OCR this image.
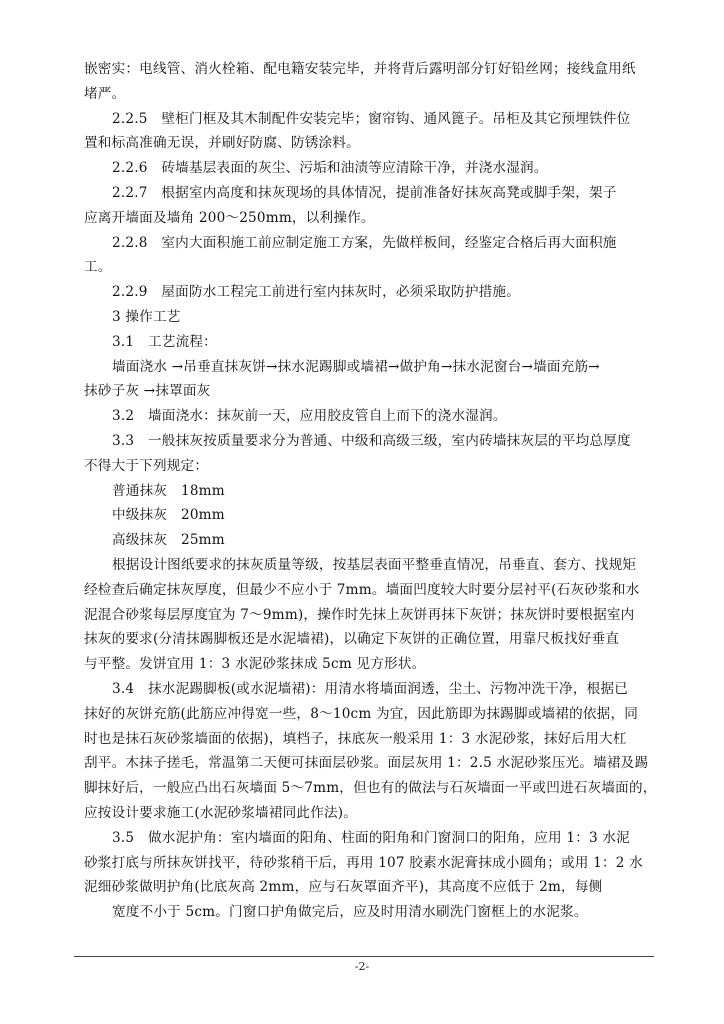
嵌密实：电线管、消火栓箱、配电籍安装完毕，并将背后露明部分钉好铅丝网；接线盒用纸
堵严。
2.2.5　壁柜门框及其木制配件安装完毕；窗帘钩、通风篦子。吊柜及其它预埋铁件位
置和标高准确无误，并刷好防腐、防锈涂料。
2.2.6　砖墙基层表面的灰尘、污垢和油渍等应清除干净，并浇水湿润。
2.2.7　根据室内高度和抹灰现场的具体情况，提前准备好抹灰高凳或脚手架，架子
应离开墙面及墙角 200～250mm，以利操作。
2.2.8　室内大面积施工前应制定施工方案，先做样板间，经鉴定合格后再大面积施
工。
2.2.9　屋面防水工程完工前进行室内抹灰时，必须采取防护措施。
3 操作工艺
3.1　工艺流程：
墙面浇水 →吊垂直抹灰饼→抹水泥踢脚或墙裙→做护角→抹水泥窗台→墙面充筋→
抹砂子灰 →抹罩面灰
3.2　墙面浇水：抹灰前一天，应用胶皮管自上而下的浇水湿润。
3.3　一般抹灰按质量要求分为普通、中级和高级三级，室内砖墙抹灰层的平均总厚度
不得大于下列规定：
普通抹灰　18mm
中级抹灰　20mm
高级抹灰　25mm
根据设计图纸要求的抹灰质量等级，按基层表面平整垂直情况，吊垂直、套方、找规矩
经检查后确定抹灰厚度，但最少不应小于 7mm。墙面凹度较大时要分层衬平(石灰砂浆和水
泥混合砂浆每层厚度宜为 7～9mm)，操作时先抹上灰饼再抹下灰饼；抹灰饼时要根据室内
抹灰的要求(分清抹踢脚板还是水泥墙裙)，以确定下灰饼的正确位置，用靠尺板找好垂直
与平整。发饼宜用 1：3 水泥砂浆抹成 5cm 见方形状。
3.4　抹水泥踢脚板(或水泥墙裙)：用清水将墙面润透，尘土、污物冲洗干净，根据已
抹好的灰饼充筋(此筋应冲得宽一些，8～10cm 为宜，因此筋即为抹踢脚或墙裙的依据，同
时也是抹石灰砂浆墙面的依据)，填档子，抹底灰一般采用 1：3 水泥砂浆，抹好后用大杠
刮平。木抹子搓毛，常温第二天便可抹面层砂浆。面层灰用 1：2.5 水泥砂浆压光。墙裙及踢
脚抹好后，一般应凸出石灰墙面 5～7mm，但也有的做法与石灰墙面一平或凹进石灰墙面的，
应按设计要求施工(水泥砂浆墙裙同此作法)。
3.5　做水泥护角：室内墙面的阳角、柱面的阳角和门窗洞口的阳角，应用 1：3 水泥
砂浆打底与所抹灰饼找平，待砂浆稍干后，再用 107 胶素水泥膏抹成小圆角；或用 1：2 水
泥细砂浆做明护角(比底灰高 2mm，应与石灰罩面齐平)，其高度不应低于 2m，每侧
宽度不小于 5cm。门窗口护角做完后，应及时用清水刷洗门窗框上的水泥浆。
-2-
